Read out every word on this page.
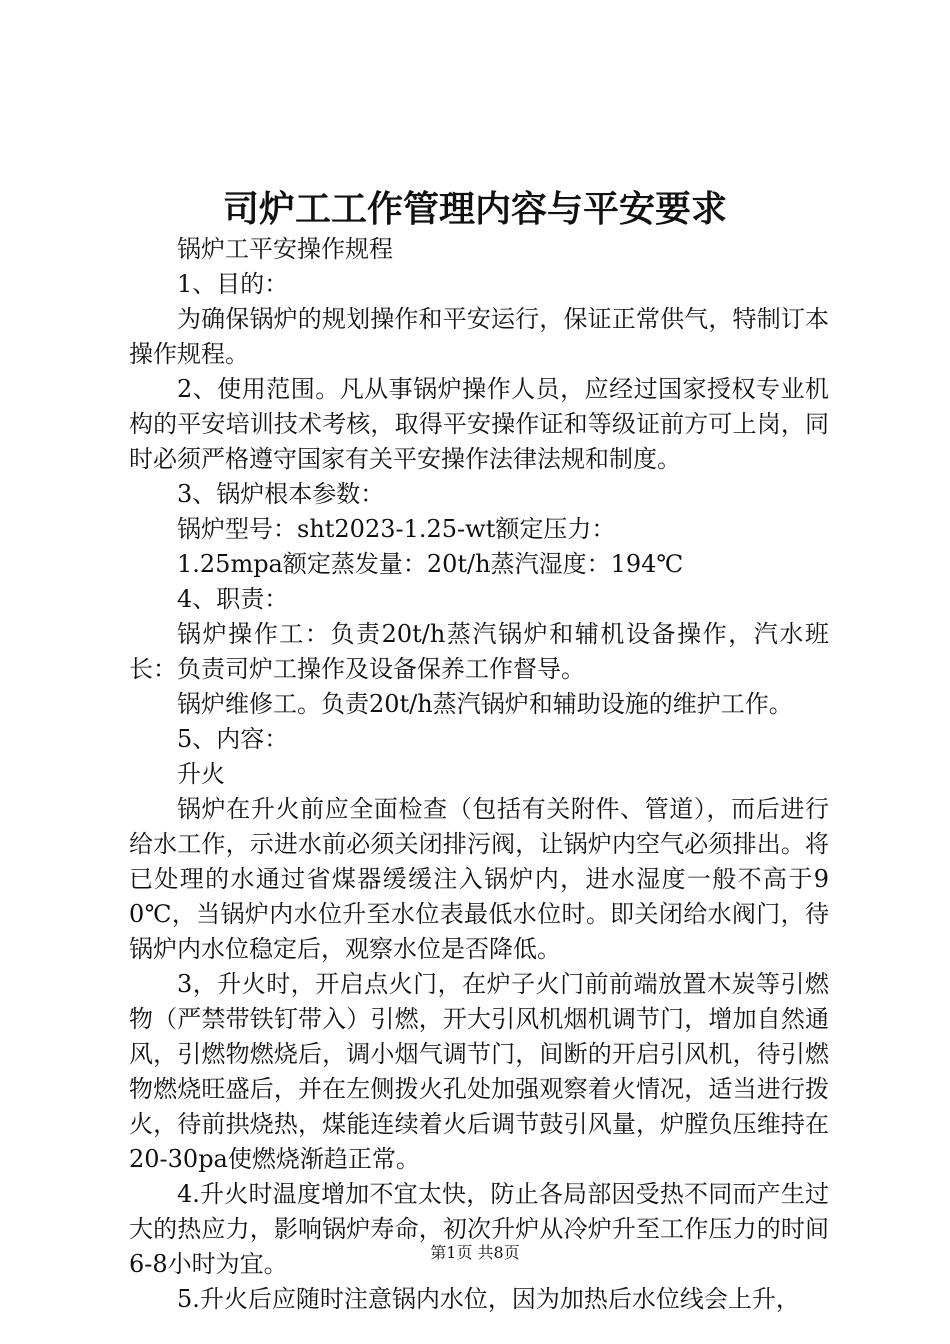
司炉工工作管理内容与平安要求

锅炉工平安操作规程

1、目的：

为确保锅炉的规划操作和平安运行，保证正常供气，特制订本操作规程。

2、使用范围。凡从事锅炉操作人员，应经过国家授权专业机构的平安培训技术考核，取得平安操作证和等级证前方可上岗，同时必须严格遵守国家有关平安操作法律法规和制度。

3、锅炉根本参数：

锅炉型号：sht2023-1.25-wt额定压力：

1.25mpa额定蒸发量：20t/h蒸汽湿度：194℃

4、职责：

锅炉操作工：负责20t/h蒸汽锅炉和辅机设备操作，汽水班长：负责司炉工操作及设备保养工作督导。

锅炉维修工。负责20t/h蒸汽锅炉和辅助设施的维护工作。

5、内容：

升火

锅炉在升火前应全面检查（包括有关附件、管道），而后进行给水工作，示进水前必须关闭排污阀，让锅炉内空气必须排出。将已处理的水通过省煤器缓缓注入锅炉内，进水湿度一般不高于90℃，当锅炉内水位升至水位表最低水位时。即关闭给水阀门，待锅炉内水位稳定后，观察水位是否降低。

3，升火时，开启点火门，在炉子火门前前端放置木炭等引燃物（严禁带铁钉带入）引燃，开大引风机烟机调节门，增加自然通风，引燃物燃烧后，调小烟气调节门，间断的开启引风机，待引燃物燃烧旺盛后，并在左侧拨火孔处加强观察着火情况，适当进行拨火，待前拱烧热，煤能连续着火后调节鼓引风量，炉膛负压维持在20-30pa使燃烧渐趋正常。

4.升火时温度增加不宜太快，防止各局部因受热不同而产生过大的热应力，影响锅炉寿命，初次升炉从冷炉升至工作压力的时间6-8小时为宜。

5.升火后应随时注意锅内水位，因为加热后水位线会上升，

第1页 共8页
